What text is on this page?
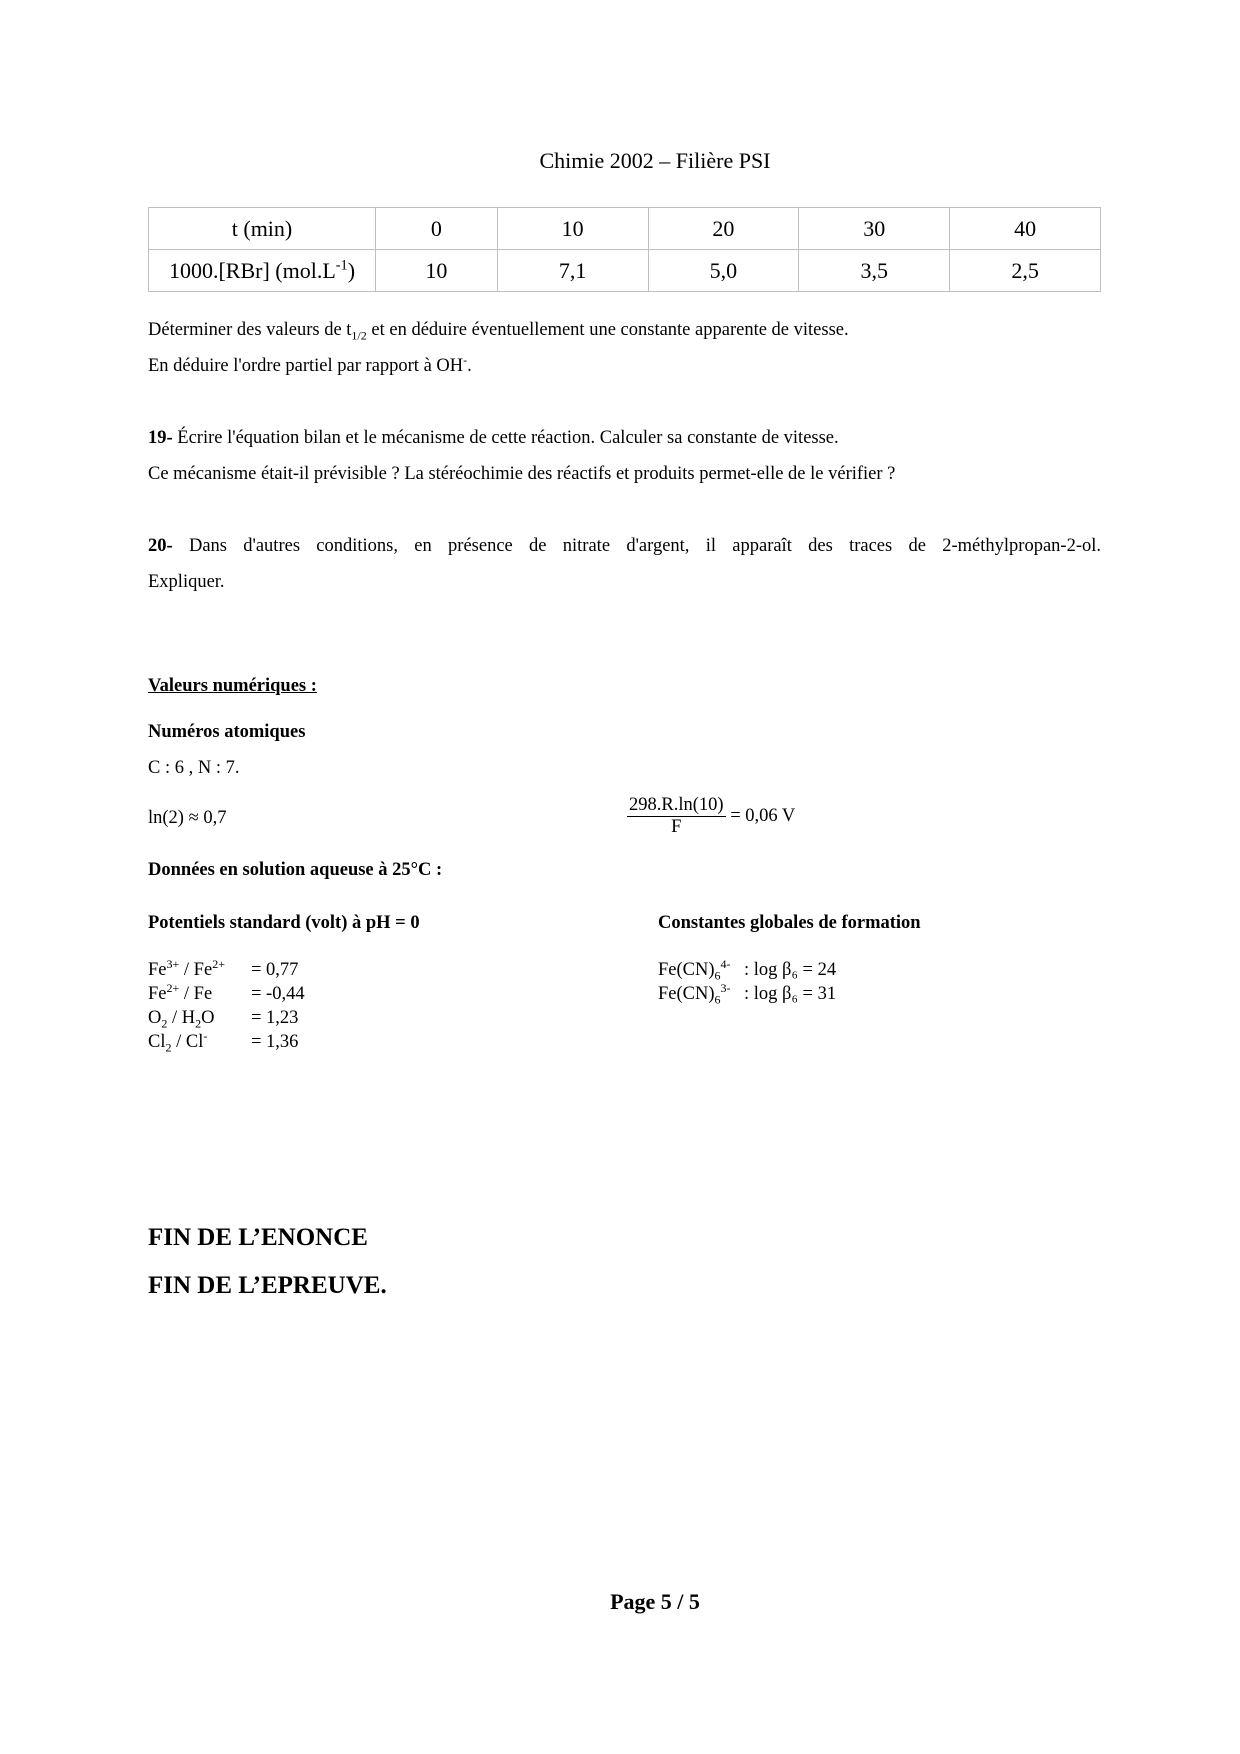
Chimie 2002 – Filière PSI
t (min)	0	10	20	30	40
1000.[RBr] $(mol.L^{-1})$	10	7,1	5,0	3,5	2,5
Déterminer des valeurs de $t_{1/2}$ et en déduire éventuellement une constante apparente de vitesse.
En déduire l'ordre partiel par rapport à OH-.
19- Écrire l'équation bilan et le mécanisme de cette réaction. Calculer sa constante de vitesse.
Ce mécanisme était-il prévisible ? La stéréochimie des réactifs et produits permet-elle de le vérifier ?
20- Dans d'autres conditions, en présence de nitrate d'argent, il apparaît des traces de 2-méthylpropan-2-ol.
Expliquer.
Valeurs numériques :
Numéros atomiques
C : 6 , N : 7.
ln(2) ≈ 0,7	$\frac{298.R.\ln(10)}{F} = 0,06$ V
Données en solution aqueuse à 25°C :
Potentiels standard (volt) à pH = 0	Constantes globales de formation
$Fe^{3+} / Fe^{2+}$	= 0,77
$Fe^{2+}$ / Fe	= -0,44
$O_2 / H_2O$	= 1,23
$Cl_2 / Cl^-$	= 1,36
$Fe(CN)_6^{4-}$	: log β₆ = 24
$Fe(CN)_6^{3-}$	: log β₆ = 31
FIN DE L’ENONCE
FIN DE L’EPREUVE.
Page 5 / 5
